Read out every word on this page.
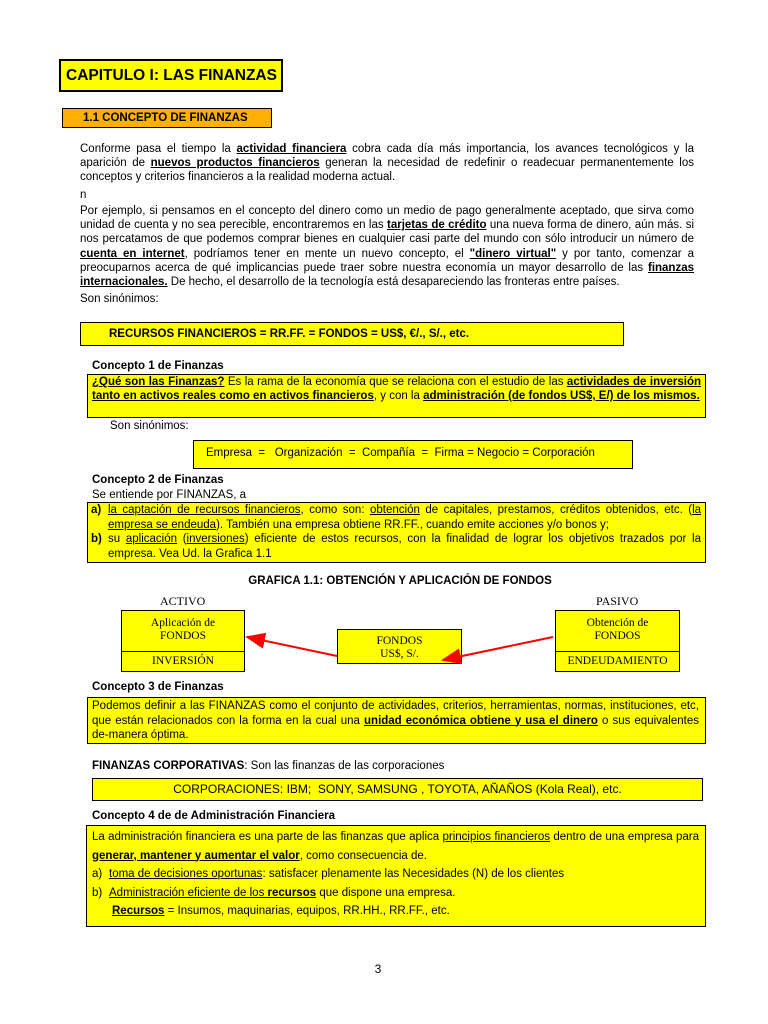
CAPITULO I: LAS FINANZAS
1.1 CONCEPTO DE FINANZAS
Conforme pasa el tiempo la actividad financiera cobra cada día más importancia, los avances tecnológicos y la aparición de nuevos productos financieros generan la necesidad de redefinir o readecuar permanentemente los conceptos y criterios financieros a la realidad moderna actual.
n
Por ejemplo, si pensamos en el concepto del dinero como un medio de pago generalmente aceptado, que sirva como unidad de cuenta y no sea perecible, encontraremos en las tarjetas de crédito una nueva forma de dinero, aún más. si nos percatamos de que podemos comprar bienes en cualquier casi parte del mundo con sólo introducir un número de cuenta en internet, podríamos tener en mente un nuevo concepto, el "dinero virtual" y por tanto, comenzar a preocuparnos acerca de qué implicancias puede traer sobre nuestra economía un mayor desarrollo de las finanzas internacionales. De hecho, el desarrollo de la tecnología está desapareciendo las fronteras entre países.
Son sinónimos:
RECURSOS FINANCIEROS = RR.FF. = FONDOS = US$, €/., S/., etc.
Concepto 1 de Finanzas
¿Qué son las Finanzas? Es la rama de la economía que se relaciona con el estudio de las actividades de inversión tanto en activos reales como en activos financieros, y con la administración (de fondos US$, E/) de los mismos.
Son sinónimos:
Empresa  =   Organización  =  Compañía  =  Firma = Negocio = Corporación
Concepto 2 de Finanzas
Se entiende por FINANZAS, a
a) la captación de recursos financieros, como son: obtención de capitales, prestamos, créditos obtenidos, etc. (la empresa se endeuda). También una empresa obtiene RR.FF., cuando emite acciones y/o bonos y;
b) su aplicación (inversiones) eficiente de estos recursos, con la finalidad de lograr los objetivos trazados por la empresa. Vea Ud. la Grafica 1.1
GRAFICA 1.1: OBTENCIÓN Y APLICACIÓN DE FONDOS
ACTIVO	PASIVO
Aplicación de FONDOS
INVERSIÓN
FONDOS US$, S/.
Obtención de FONDOS
ENDEUDAMIENTO
Concepto 3 de Finanzas
Podemos definir a las FINANZAS como el conjunto de actividades, criterios, herramientas, normas, instituciones, etc, que están relacionados con la forma en la cual una unidad económica obtiene y usa el dinero o sus equivalentes de-manera óptima.
FINANZAS CORPORATIVAS: Son las finanzas de las corporaciones
CORPORACIONES: IBM;  SONY, SAMSUNG , TOYOTA, AÑAÑOS (Kola Real), etc.
Concepto 4 de de Administración Financiera
La administración financiera es una parte de las finanzas que aplica principios financieros dentro de una empresa para generar, mantener y aumentar el valor, como consecuencia de.
a) toma de decisiones oportunas: satisfacer plenamente las Necesidades (N) de los clientes
b) Administración eficiente de los recursos que dispone una empresa.
Recursos = Insumos, maquinarias, equipos, RR.HH., RR.FF., etc.
3
